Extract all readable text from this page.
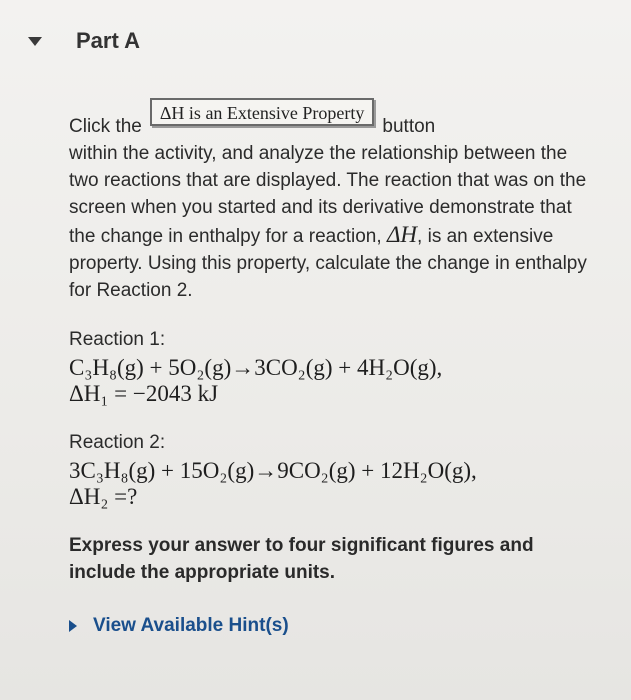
Part A
Click the
ΔH is an Extensive Property
button

within the activity, and analyze the relationship between the two reactions that are displayed. The reaction that was on the screen when you started and its derivative demonstrate that the change in enthalpy for a reaction, ΔH, is an extensive property. Using this property, calculate the change in enthalpy for Reaction 2.

Reaction 1:
C₃H₈(g) + 5O₂(g)→3CO₂(g) + 4H₂O(g),
ΔH₁ = −2043 kJ
Reaction 2:
3C₃H₈(g) + 15O₂(g)→9CO₂(g) + 12H₂O(g),
ΔH₂ =?
Express your answer to four significant figures and include the appropriate units.
View Available Hint(s)
